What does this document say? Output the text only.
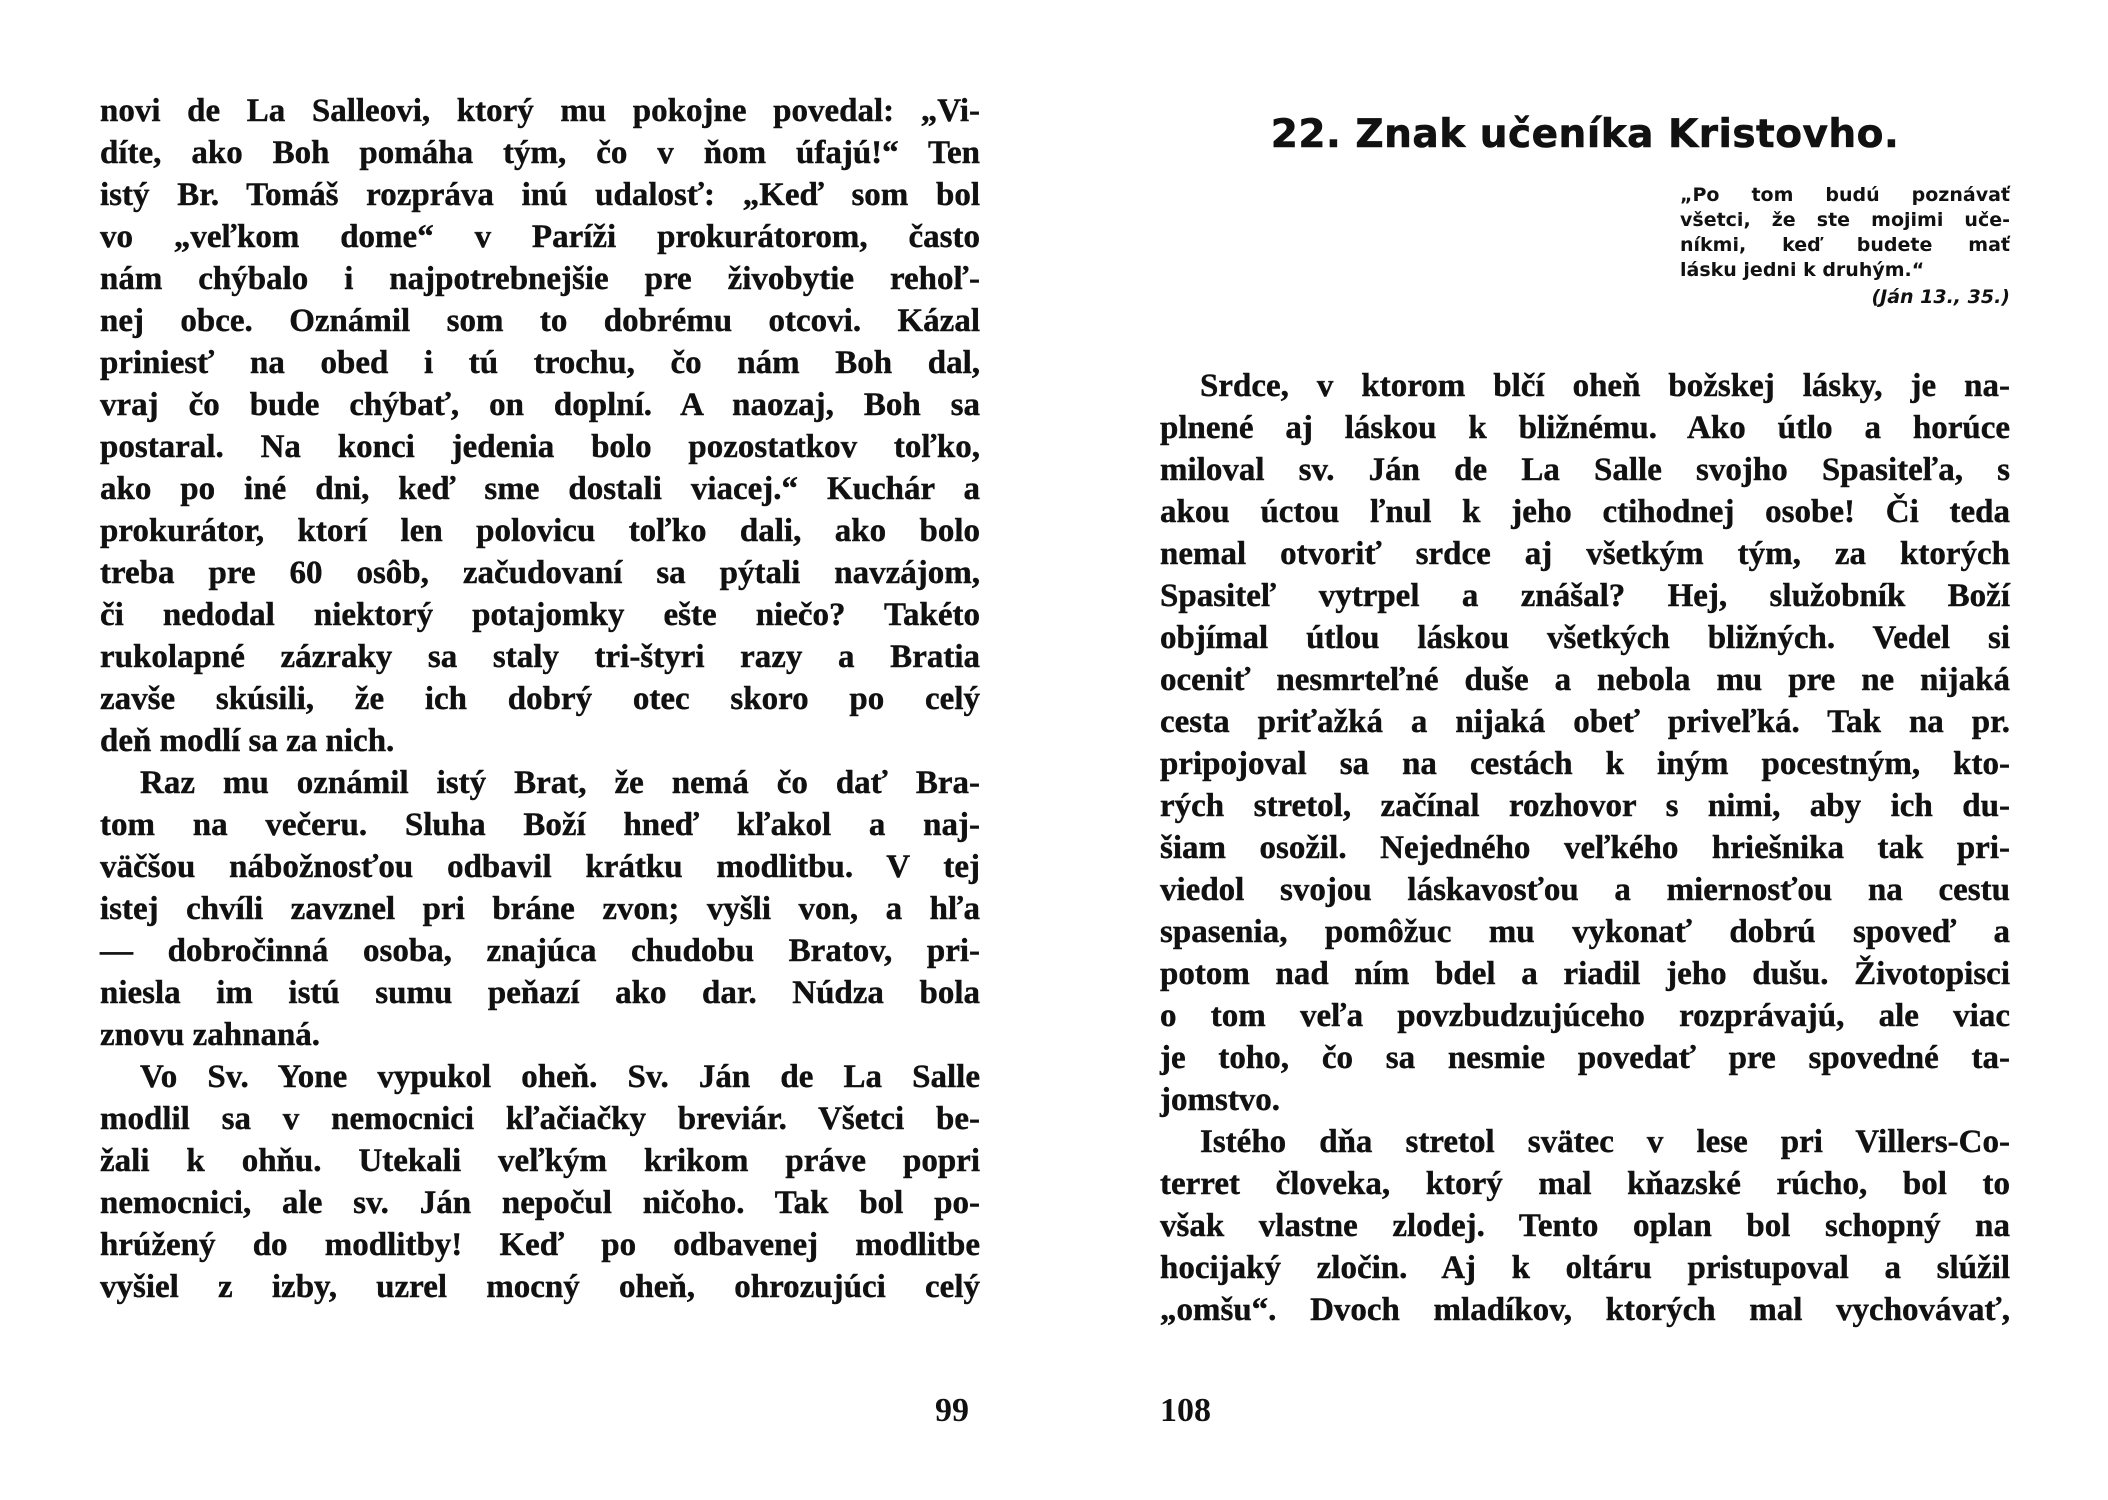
novi de La Salleovi, ktorý mu pokojne povedal: „Vi-
díte, ako Boh pomáha tým, čo v ňom úfajú!“ Ten
istý Br. Tomáš rozpráva inú udalosť: „Keď som bol
vo „veľkom dome“ v Paríži prokurátorom, často
nám chýbalo i najpotrebnejšie pre živobytie rehoľ-
nej obce. Oznámil som to dobrému otcovi. Kázal
priniesť na obed i tú trochu, čo nám Boh dal,
vraj čo bude chýbať, on doplní. A naozaj, Boh sa
postaral. Na konci jedenia bolo pozostatkov toľko,
ako po iné dni, keď sme dostali viacej.“ Kuchár a
prokurátor, ktorí len polovicu toľko dali, ako bolo
treba pre 60 osôb, začudovaní sa pýtali navzájom,
či nedodal niektorý potajomky ešte niečo? Takéto
rukolapné zázraky sa staly tri-štyri razy a Bratia
zavše skúsili, že ich dobrý otec skoro po celý
deň modlí sa za nich.
Raz mu oznámil istý Brat, že nemá čo dať Bra-
tom na večeru. Sluha Boží hneď kľakol a naj-
väčšou nábožnosťou odbavil krátku modlitbu. V tej
istej chvíli zavznel pri bráne zvon; vyšli von, a hľa
— dobročinná osoba, znajúca chudobu Bratov, pri-
niesla im istú sumu peňazí ako dar. Núdza bola
znovu zahnaná.
Vo Sv. Yone vypukol oheň. Sv. Ján de La Salle
modlil sa v nemocnici kľačiačky breviár. Všetci be-
žali k ohňu. Utekali veľkým krikom práve popri
nemocnici, ale sv. Ján nepočul ničoho. Tak bol po-
hrúžený do modlitby! Keď po odbavenej modlitbe
vyšiel z izby, uzrel mocný oheň, ohrozujúci celý
99
22. Znak učeníka Kristovho.
„Po tom budú poznávať
všetci, že ste mojimi uče-
níkmi, keď budete mať
lásku jedni k druhým.“
(Ján 13., 35.)
Srdce, v ktorom blčí oheň božskej lásky, je na-
plnené aj láskou k bližnému. Ako útlo a horúce
miloval sv. Ján de La Salle svojho Spasiteľa, s
akou úctou ľnul k jeho ctihodnej osobe! Či teda
nemal otvoriť srdce aj všetkým tým, za ktorých
Spasiteľ vytrpel a znášal? Hej, služobník Boží
objímal útlou láskou všetkých bližných. Vedel si
oceniť nesmrteľné duše a nebola mu pre ne nijaká
cesta priťažká a nijaká obeť priveľká. Tak na pr.
pripojoval sa na cestách k iným pocestným, kto-
rých stretol, začínal rozhovor s nimi, aby ich du-
šiam osožil. Nejedného veľkého hriešnika tak pri-
viedol svojou láskavosťou a miernosťou na cestu
spasenia, pomôžuc mu vykonať dobrú spoveď a
potom nad ním bdel a riadil jeho dušu. Životopisci
o tom veľa povzbudzujúceho rozprávajú, ale viac
je toho, čo sa nesmie povedať pre spovedné ta-
jomstvo.
Istého dňa stretol svätec v lese pri Villers-Co-
terret človeka, ktorý mal kňazské rúcho, bol to
však vlastne zlodej. Tento oplan bol schopný na
hocijaký zločin. Aj k oltáru pristupoval a slúžil
„omšu“. Dvoch mladíkov, ktorých mal vychovávať,
108
